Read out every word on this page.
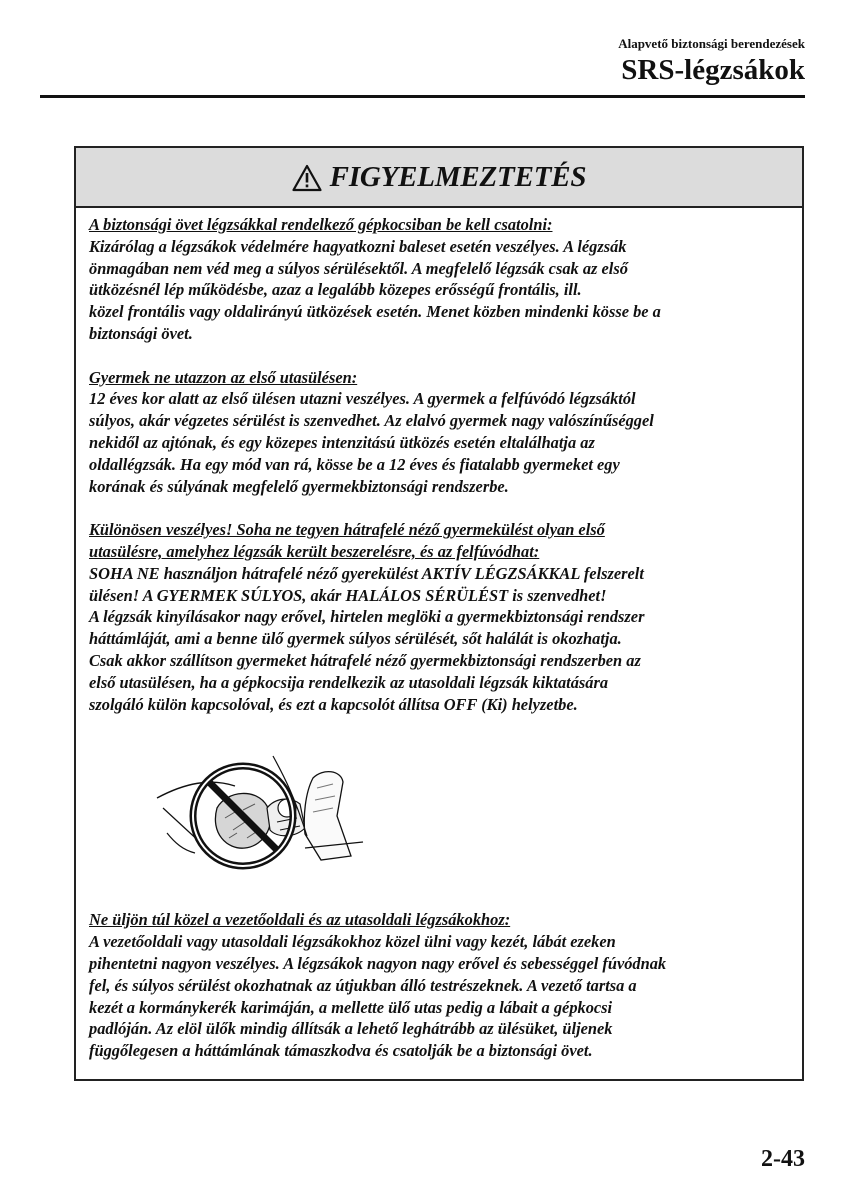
Alapvető biztonsági berendezések
SRS-légzsákok
FIGYELMEZTETÉS
A biztonsági övet légzsákkal rendelkező gépkocsiban be kell csatolni:
Kizárólag a légzsákok védelmére hagyatkozni baleset esetén veszélyes. A légzsák
önmagában nem véd meg a súlyos sérülésektől. A megfelelő légzsák csak az első
ütközésnél lép működésbe, azaz a legalább közepes erősségű frontális, ill.
közel frontális vagy oldalirányú ütközések esetén. Menet közben mindenki kösse be a
biztonsági övet.
Gyermek ne utazzon az első utasülésen:
12 éves kor alatt az első ülésen utazni veszélyes. A gyermek a felfúvódó légzsáktól
súlyos, akár végzetes sérülést is szenvedhet. Az elalvó gyermek nagy valószínűséggel
nekidől az ajtónak, és egy közepes intenzitású ütközés esetén eltalálhatja az
oldallégzsák. Ha egy mód van rá, kösse be a 12 éves és fiatalabb gyermeket egy
korának és súlyának megfelelő gyermekbiztonsági rendszerbe.
Különösen veszélyes! Soha ne tegyen hátrafelé néző gyermekülést olyan első
utasülésre, amelyhez légzsák került beszerelésre, és az felfúvódhat:
SOHA NE használjon hátrafelé néző gyerekülést AKTÍV LÉGZSÁKKAL felszerelt
ülésen! A GYERMEK SÚLYOS, akár HALÁLOS SÉRÜLÉST is szenvedhet!
A légzsák kinyílásakor nagy erővel, hirtelen meglöki a gyermekbiztonsági rendszer
háttámláját, ami a benne ülő gyermek súlyos sérülését, sőt halálát is okozhatja.
Csak akkor szállítson gyermeket hátrafelé néző gyermekbiztonsági rendszerben az
első utasülésen, ha a gépkocsija rendelkezik az utasoldali légzsák kiktatására
szolgáló külön kapcsolóval, és ezt a kapcsolót állítsa OFF (Ki) helyzetbe.
Ne üljön túl közel a vezetőoldali és az utasoldali légzsákokhoz:
A vezetőoldali vagy utasoldali légzsákokhoz közel ülni vagy kezét, lábát ezeken
pihentetni nagyon veszélyes. A légzsákok nagyon nagy erővel és sebességgel fúvódnak
fel, és súlyos sérülést okozhatnak az útjukban álló testrészeknek. A vezető tartsa a
kezét a kormánykerék karimáján, a mellette ülő utas pedig a lábait a gépkocsi
padlóján. Az elöl ülők mindig állítsák a lehető leghátrább az ülésüket, üljenek
függőlegesen a háttámlának támaszkodva és csatolják be a biztonsági övet.
2-43
